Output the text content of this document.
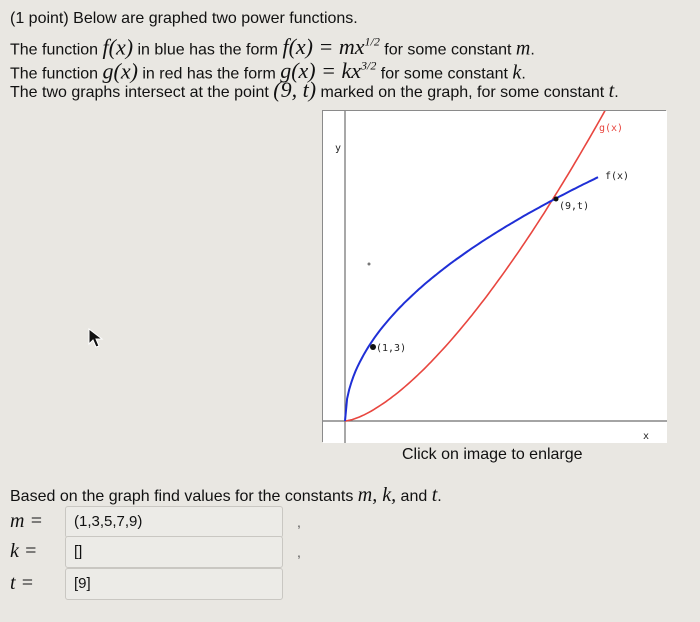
(1 point) Below are graphed two power functions.
The function f(x) in blue has the form $f(x) = mx^{1/2}$ for some constant m.
The function g(x) in red has the form $g(x) = kx^{3/2}$ for some constant k.
The two graphs intersect at the point (9, t) marked on the graph, for some constant t.
y
x
g(x)
f(x)
(1,3)
(9,t)
Click on image to enlarge
Based on the graph find values for the constants m, k, and t.
m =	(1,3,5,7,9)	,
k =	[]	,
t =	[9]
